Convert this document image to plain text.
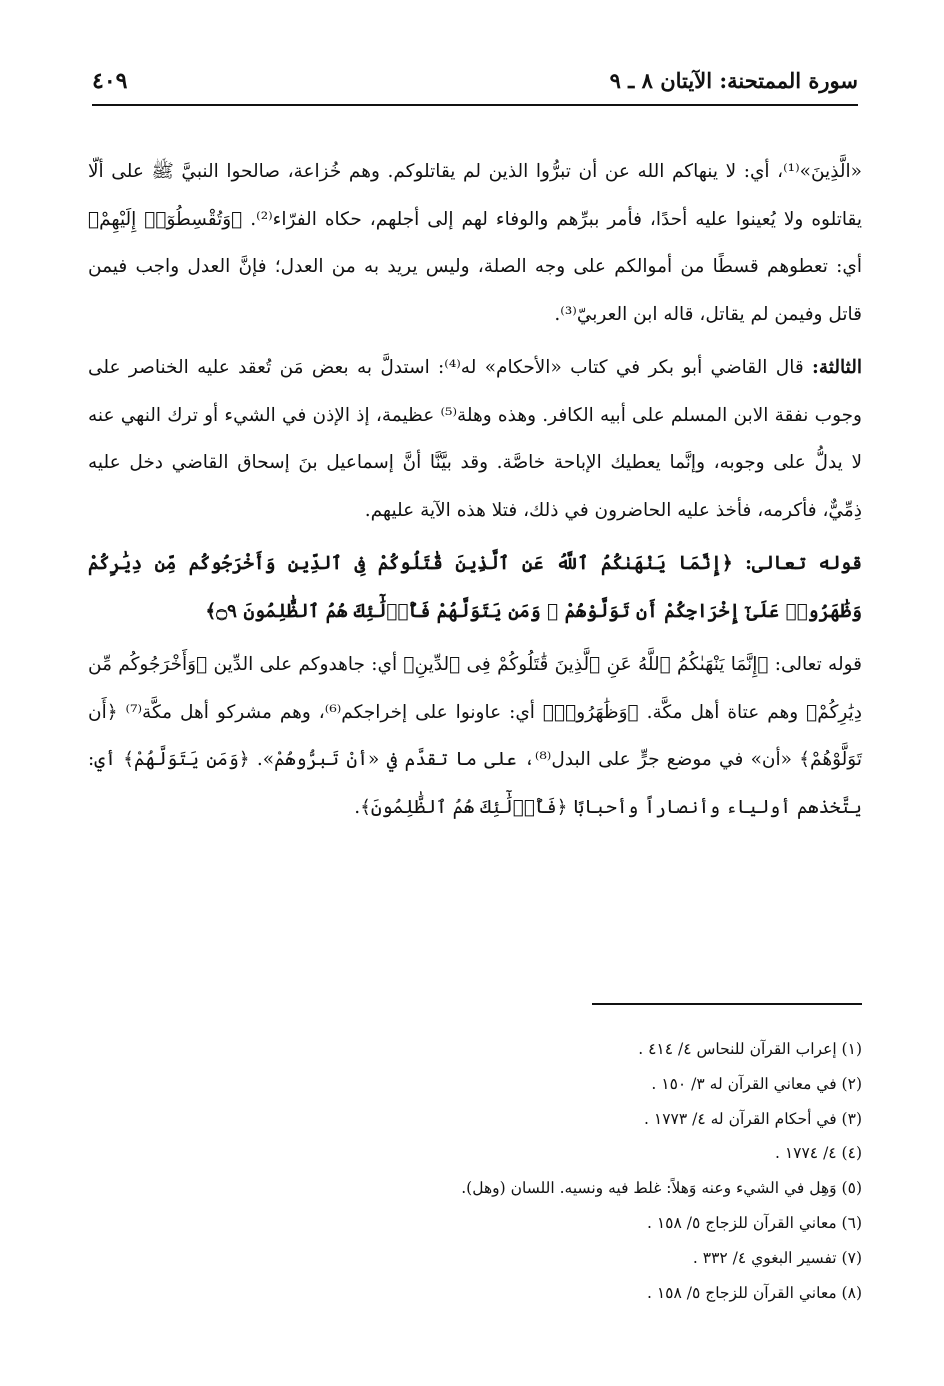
سورة الممتحنة: الآيتان ٨ ـ ٩
٤٠٩

«الَّذِينَ»⁽¹⁾، أي: لا ينهاكم الله عن أن تبرُّوا الذين لم يقاتلوكم. وهم خُزاعة، صالحوا النبيَّ ﷺ على ألّا يقاتلوه ولا يُعينوا عليه أحدًا، فأمر ببرِّهم والوفاء لهم إلى أجلهم، حكاه الفرّاء⁽²⁾. ﴿وَتُقْسِطُوٓا۟ إِلَيْهِمْ﴾ أي: تعطوهم قسطًا من أموالكم على وجه الصلة، وليس يريد به من العدل؛ فإنَّ العدل واجب فيمن قاتل وفيمن لم يقاتل، قاله ابن العربيّ⁽³⁾.

الثالثة: قال القاضي أبو بكر في كتاب «الأحكام» له⁽⁴⁾: استدلَّ به بعض مَن تُعقد عليه الخناصر على وجوب نفقة الابن المسلم على أبيه الكافر. وهذه وهلة⁽⁵⁾ عظيمة، إذ الإذن في الشيء أو ترك النهي عنه لا يدلُّ على وجوبه، وإنَّما يعطيك الإباحة خاصَّة. وقد بيَّنَّا أنَّ إسماعيل بنَ إسحاق القاضي دخل عليه ذِمِّيٌّ، فأكرمه، فأخذ عليه الحاضرون في ذلك، فتلا هذه الآية عليهم.

قوله تعالى: ﴿إِنَّمَا يَنْهَىٰكُمُ ٱللَّهُ عَنِ ٱلَّذِينَ قَٰتَلُوكُمْ فِى ٱلدِّينِ وَأَخْرَجُوكُم مِّن دِيَٰرِكُمْ وَظَٰهَرُوا۟ عَلَىٰٓ إِخْرَاجِكُمْ أَن تَوَلَّوْهُمْ ۚ وَمَن يَتَوَلَّهُمْ فَأُو۟لَٰٓئِكَ هُمُ ٱلظَّٰلِمُونَ ۝٩﴾

قوله تعالى: ﴿إِنَّمَا يَنْهَىٰكُمُ ٱللَّهُ عَنِ ٱلَّذِينَ قَٰتَلُوكُمْ فِى ٱلدِّينِ﴾ أي: جاهدوكم على الدِّين ﴿وَأَخْرَجُوكُم مِّن دِيَٰرِكُمْ﴾ وهم عتاة أهل مكَّة. ﴿وَظَٰهَرُوا۟﴾ أي: عاونوا على إخراجكم⁽⁶⁾، وهم مشركو أهل مكَّة⁽⁷⁾ ﴿أَن تَوَلَّوْهُمْ﴾ «أن» في موضع جرٍّ على البدل⁽⁸⁾، على ما تقدَّم في «أنْ تَبرُّوهُمْ». ﴿وَمَن يَتَوَلَّهُمْ﴾ أي: يتَّخذهم أولياء وأنصاراً وأحبابًا ﴿فَأُو۟لَٰٓئِكَ هُمُ ٱلظَّٰلِمُونَ﴾.

(١) إعراب القرآن للنحاس ٤/ ٤١٤ .
(٢) في معاني القرآن له ٣/ ١٥٠ .
(٣) في أحكام القرآن له ٤/ ١٧٧٣ .
(٤) ٤/ ١٧٧٤ .
(٥) وَهِل في الشيء وعنه وَهلاً: غلط فيه ونسيه. اللسان (وهل).
(٦) معاني القرآن للزجاج ٥/ ١٥٨ .
(٧) تفسير البغوي ٤/ ٣٣٢ .
(٨) معاني القرآن للزجاج ٥/ ١٥٨ .
